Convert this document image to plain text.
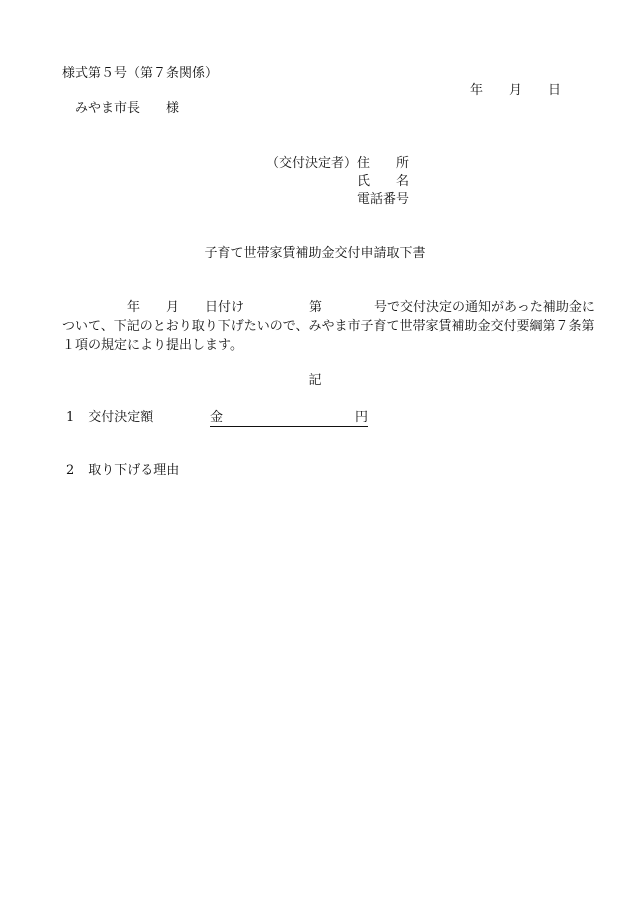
様式第５号（第７条関係）
年 月 日
みやま市長　　様
（交付決定者） 住　　所
氏　　名
電話番号
子育て世帯家賃補助金交付申請取下書
　　　　　年　　月　　日付け　　　　　第　　　　号で交付決定の通知があった補助金に
ついて、下記のとおり取り下げたいので、みやま市子育て世帯家賃補助金交付要綱第７条第
１項の規定により提出します。
記
1 交付決定額	金	円
2 取り下げる理由
